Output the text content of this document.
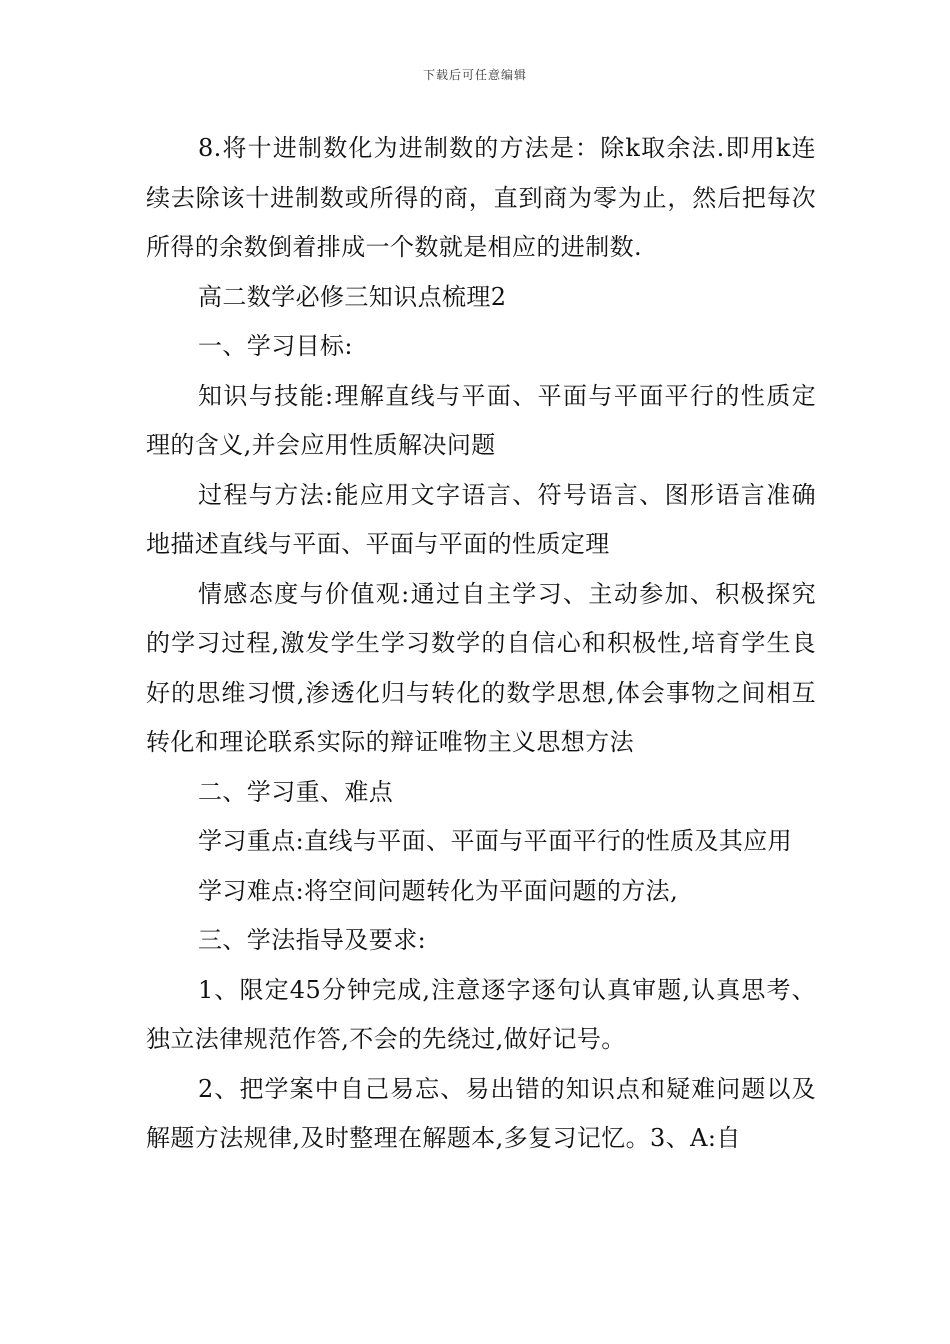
下载后可任意编辑

8.将十进制数化为进制数的方法是：除k取余法.即用k连续去除该十进制数或所得的商，直到商为零为止，然后把每次所得的余数倒着排成一个数就是相应的进制数.

高二数学必修三知识点梳理2

一、学习目标:

知识与技能:理解直线与平面、平面与平面平行的性质定理的含义,并会应用性质解决问题

过程与方法:能应用文字语言、符号语言、图形语言准确地描述直线与平面、平面与平面的性质定理

情感态度与价值观:通过自主学习、主动参加、积极探究的学习过程,激发学生学习数学的自信心和积极性,培育学生良好的思维习惯,渗透化归与转化的数学思想,体会事物之间相互转化和理论联系实际的辩证唯物主义思想方法

二、学习重、难点

学习重点:直线与平面、平面与平面平行的性质及其应用

学习难点:将空间问题转化为平面问题的方法,

三、学法指导及要求:

1、限定45分钟完成,注意逐字逐句认真审题,认真思考、独立法律规范作答,不会的先绕过,做好记号。

2、把学案中自己易忘、易出错的知识点和疑难问题以及解题方法规律,及时整理在解题本,多复习记忆。3、A:自
